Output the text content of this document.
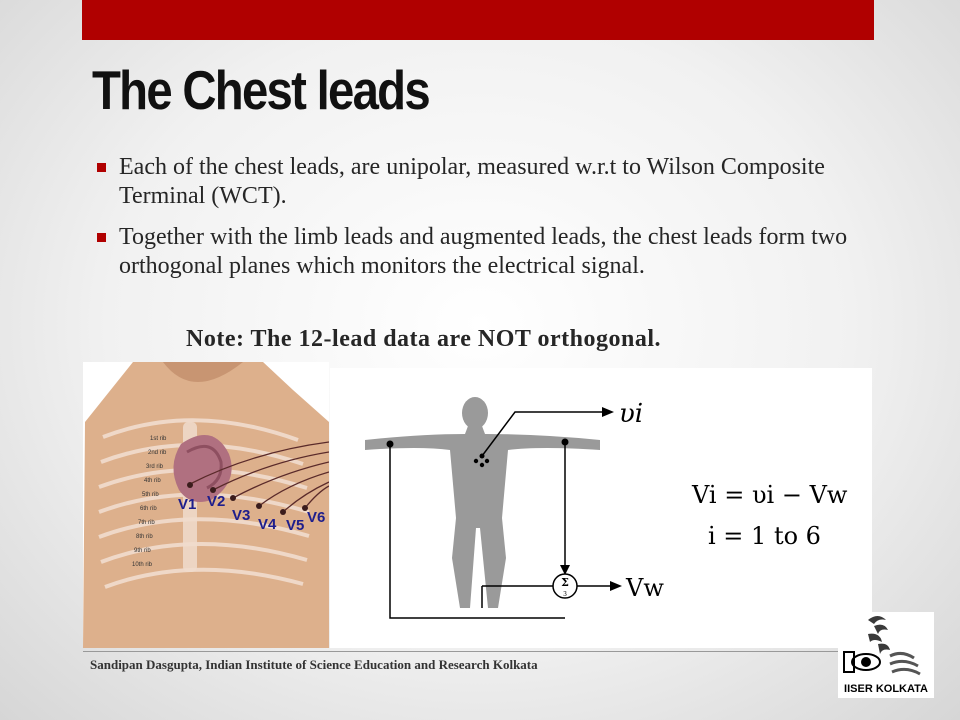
The Chest leads
Each of the chest leads, are unipolar, measured w.r.t to Wilson Composite Terminal (WCT).
Together with the limb leads and augmented leads, the chest leads form two orthogonal planes which monitors the electrical signal.
Note: The 12-lead data are NOT orthogonal.
1st rib
2nd rib
3rd rib
4th rib
5th rib
6th rib
7th rib
8th rib
9th rib
10th rib
V1 V2
V3
V4 V5 V6
Σ
3
υi
Vw
Vi = υi − Vw
i = 1 to 6
Sandipan Dasgupta, Indian Institute of Science Education and Research Kolkata
IISER KOLKATA
